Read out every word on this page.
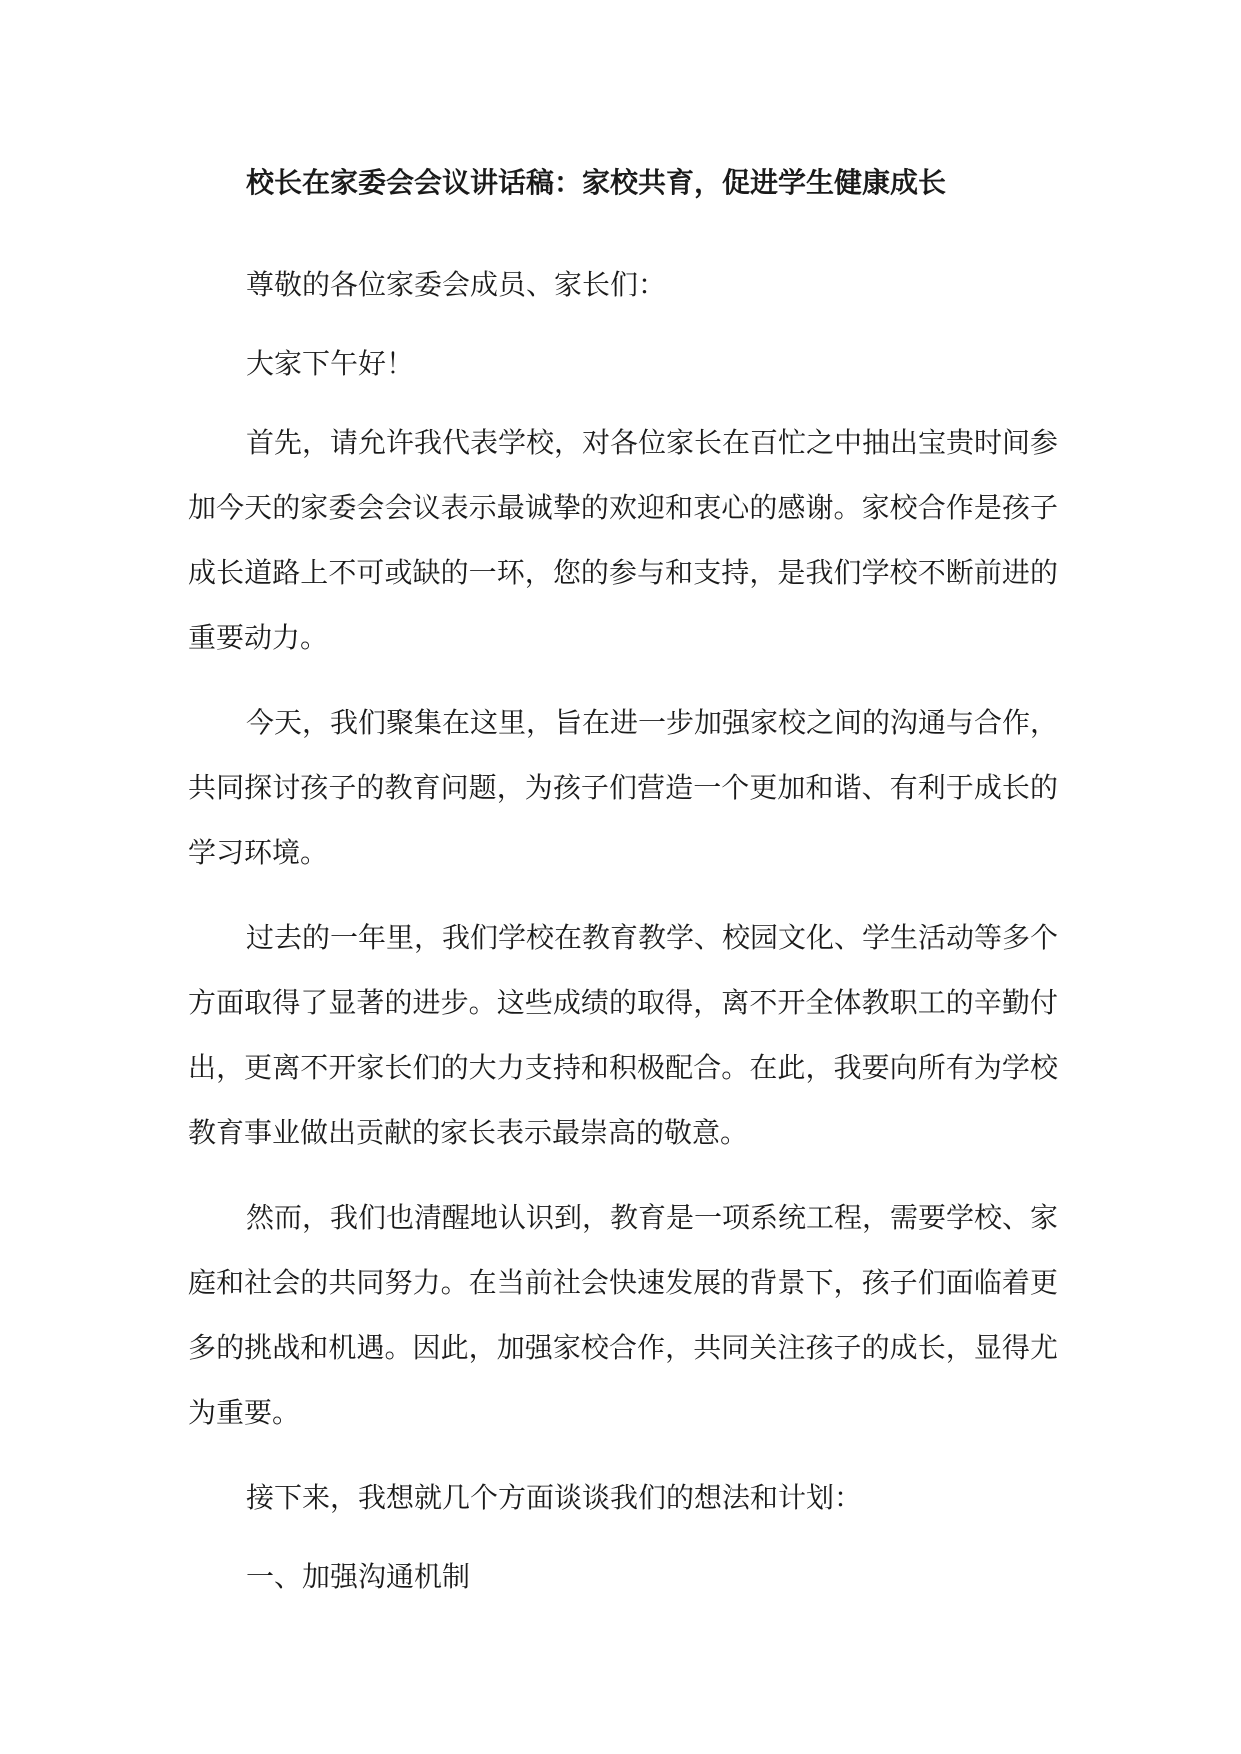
校长在家委会会议讲话稿：家校共育，促进学生健康成长

尊敬的各位家委会成员、家长们：

大家下午好！

首先，请允许我代表学校，对各位家长在百忙之中抽出宝贵时间参加今天的家委会会议表示最诚挚的欢迎和衷心的感谢。家校合作是孩子成长道路上不可或缺的一环，您的参与和支持，是我们学校不断前进的重要动力。

今天，我们聚集在这里，旨在进一步加强家校之间的沟通与合作，共同探讨孩子的教育问题，为孩子们营造一个更加和谐、有利于成长的学习环境。

过去的一年里，我们学校在教育教学、校园文化、学生活动等多个方面取得了显著的进步。这些成绩的取得，离不开全体教职工的辛勤付出，更离不开家长们的大力支持和积极配合。在此，我要向所有为学校教育事业做出贡献的家长表示最崇高的敬意。

然而，我们也清醒地认识到，教育是一项系统工程，需要学校、家庭和社会的共同努力。在当前社会快速发展的背景下，孩子们面临着更多的挑战和机遇。因此，加强家校合作，共同关注孩子的成长，显得尤为重要。

接下来，我想就几个方面谈谈我们的想法和计划：

一、加强沟通机制
